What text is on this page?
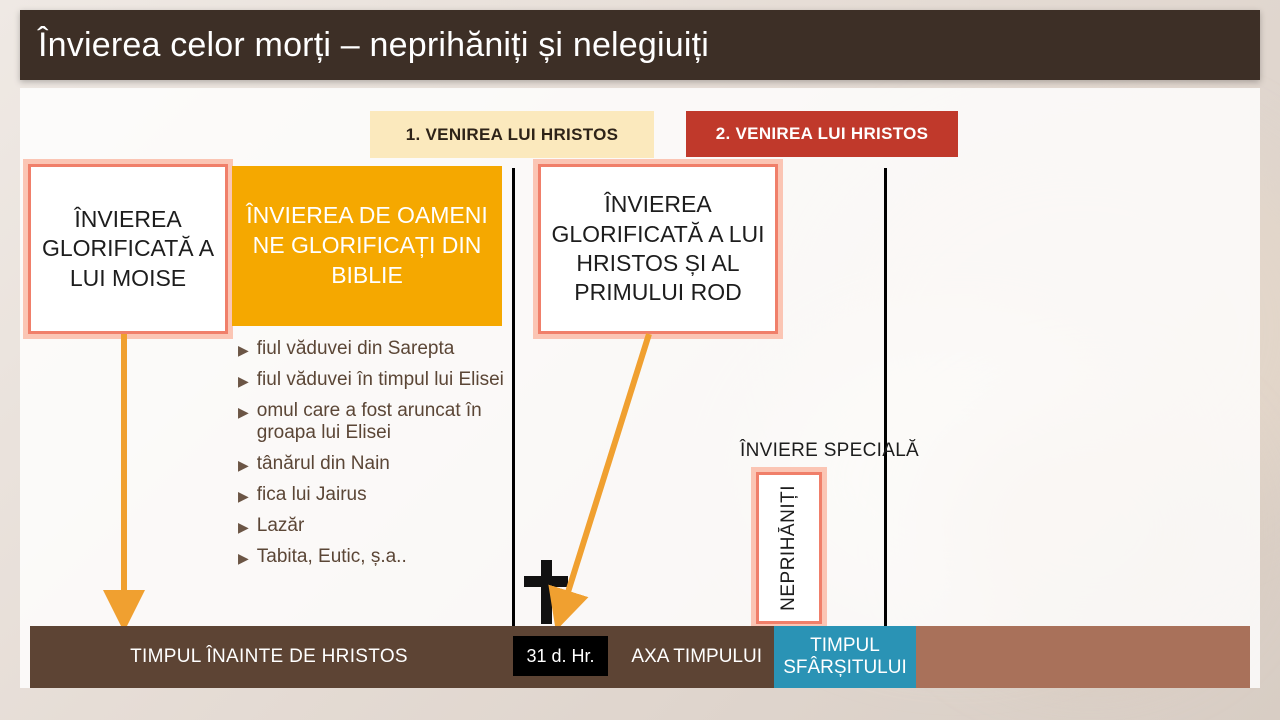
Învierea celor morți – neprihăniți și nelegiuiți
1. VENIREA LUI HRISTOS	2. VENIREA LUI HRISTOS
ÎNVIEREA GLORIFICATĂ A LUI MOISE
ÎNVIEREA DE OAMENI NE GLORIFICAȚI DIN BIBLIE
ÎNVIEREA GLORIFICATĂ A LUI HRISTOS ȘI AL PRIMULUI ROD
▶ fiul văduvei din Sarepta
▶ fiul văduvei în timpul lui Elisei
▶ omul care a fost aruncat în groapa lui Elisei
▶ tânărul din Nain
▶ fica lui Jairus
▶ Lazăr
▶ Tabita, Eutic, ș.a..
ÎNVIERE SPECIALĂ
NEPRIHĂNIȚI
TIMPUL ÎNAINTE DE HRISTOS	AXA TIMPULUI
TIMPUL SFÂRȘITULUI
31 d. Hr.
